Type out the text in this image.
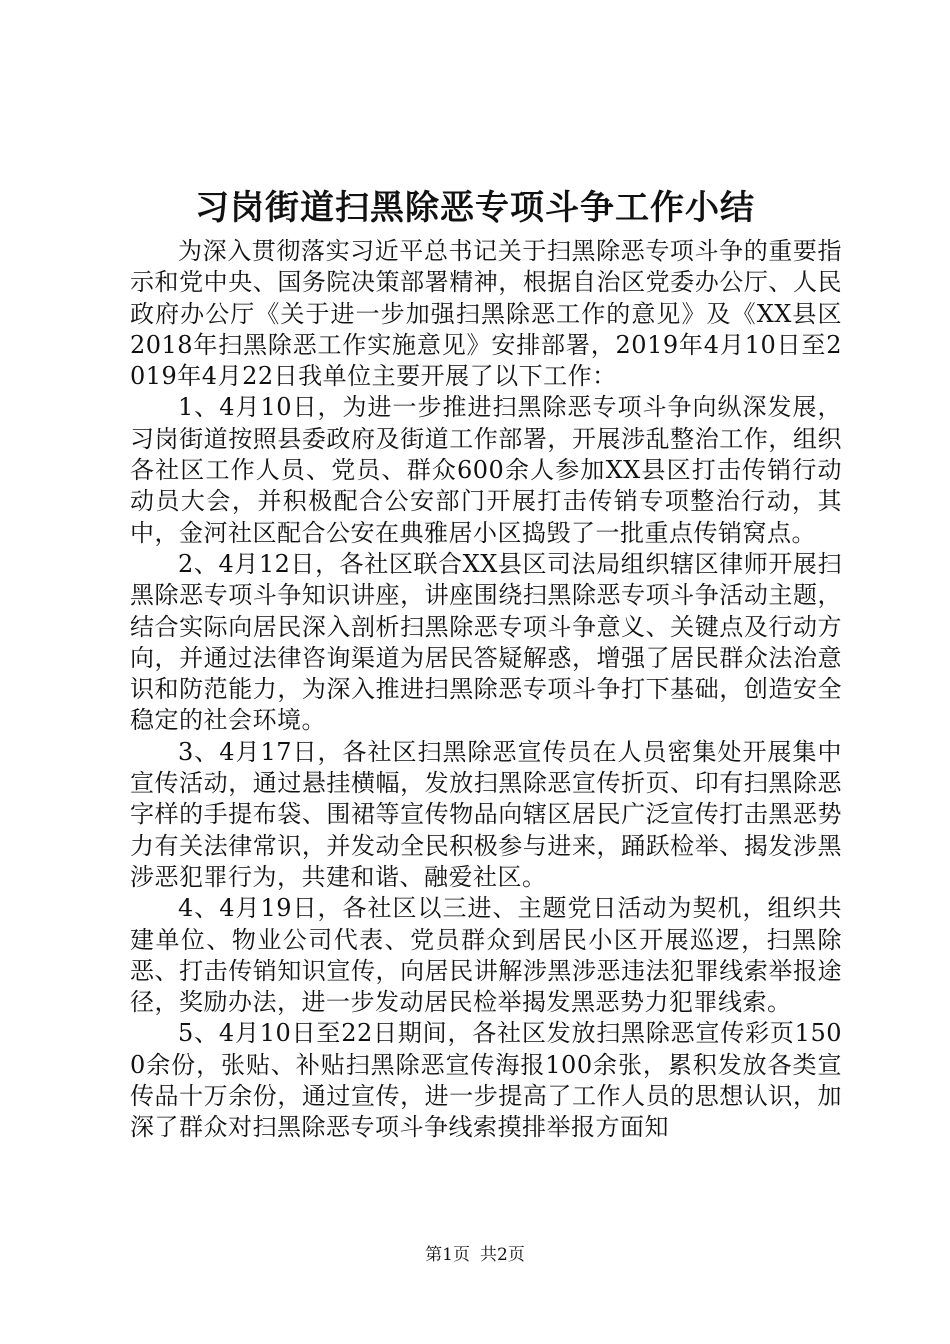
习岗街道扫黑除恶专项斗争工作小结

为深入贯彻落实习近平总书记关于扫黑除恶专项斗争的重要指示和党中央、国务院决策部署精神，根据自治区党委办公厅、人民政府办公厅《关于进一步加强扫黑除恶工作的意见》及《XX县区2018年扫黑除恶工作实施意见》安排部署，2019年4月10日至2019年4月22日我单位主要开展了以下工作：

1、4月10日，为进一步推进扫黑除恶专项斗争向纵深发展，习岗街道按照县委政府及街道工作部署，开展涉乱整治工作，组织各社区工作人员、党员、群众600余人参加XX县区打击传销行动动员大会，并积极配合公安部门开展打击传销专项整治行动，其中，金河社区配合公安在典雅居小区捣毁了一批重点传销窝点。

2、4月12日，各社区联合XX县区司法局组织辖区律师开展扫黑除恶专项斗争知识讲座，讲座围绕扫黑除恶专项斗争活动主题，结合实际向居民深入剖析扫黑除恶专项斗争意义、关键点及行动方向，并通过法律咨询渠道为居民答疑解惑，增强了居民群众法治意识和防范能力，为深入推进扫黑除恶专项斗争打下基础，创造安全稳定的社会环境。

3、4月17日，各社区扫黑除恶宣传员在人员密集处开展集中宣传活动，通过悬挂横幅，发放扫黑除恶宣传折页、印有扫黑除恶字样的手提布袋、围裙等宣传物品向辖区居民广泛宣传打击黑恶势力有关法律常识，并发动全民积极参与进来，踊跃检举、揭发涉黑涉恶犯罪行为，共建和谐、融爱社区。

4、4月19日，各社区以三进、主题党日活动为契机，组织共建单位、物业公司代表、党员群众到居民小区开展巡逻，扫黑除恶、打击传销知识宣传，向居民讲解涉黑涉恶违法犯罪线索举报途径，奖励办法，进一步发动居民检举揭发黑恶势力犯罪线索。

5、4月10日至22日期间，各社区发放扫黑除恶宣传彩页1500余份，张贴、补贴扫黑除恶宣传海报100余张，累积发放各类宣传品十万余份，通过宣传，进一步提高了工作人员的思想认识，加深了群众对扫黑除恶专项斗争线索摸排举报方面知

第1页 共2页
